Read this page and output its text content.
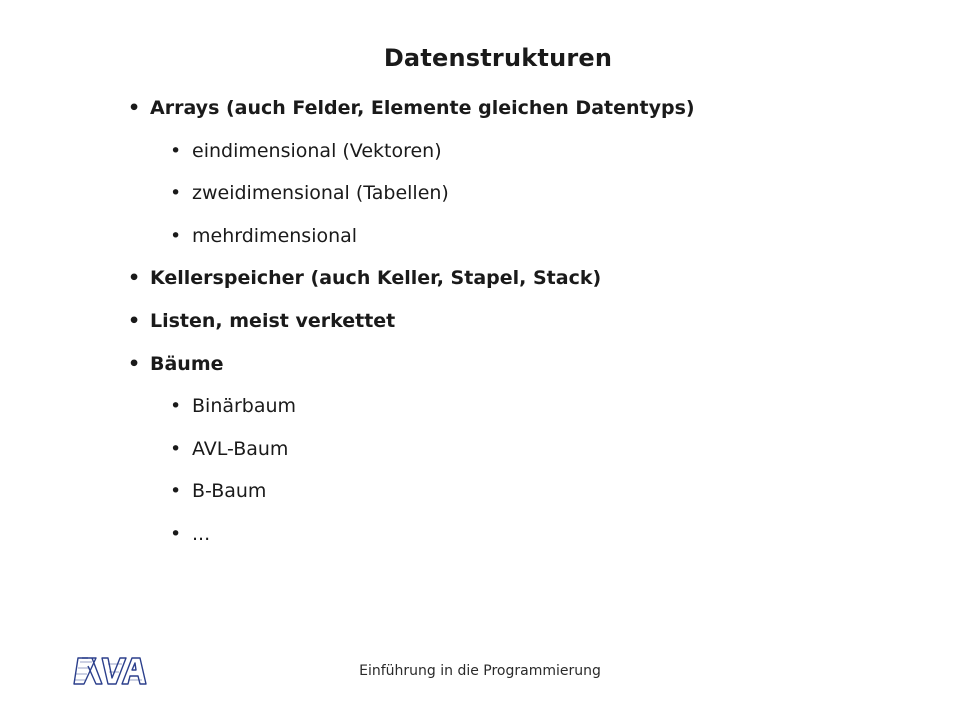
Datenstrukturen
• Arrays (auch Felder, Elemente gleichen Datentyps)
• eindimensional (Vektoren)
• zweidimensional (Tabellen)
• mehrdimensional
• Kellerspeicher (auch Keller, Stapel, Stack)
• Listen, meist verkettet
• Bäume
• Binärbaum
• AVL-Baum
• B-Baum
• ...
Einführung in die Programmierung
